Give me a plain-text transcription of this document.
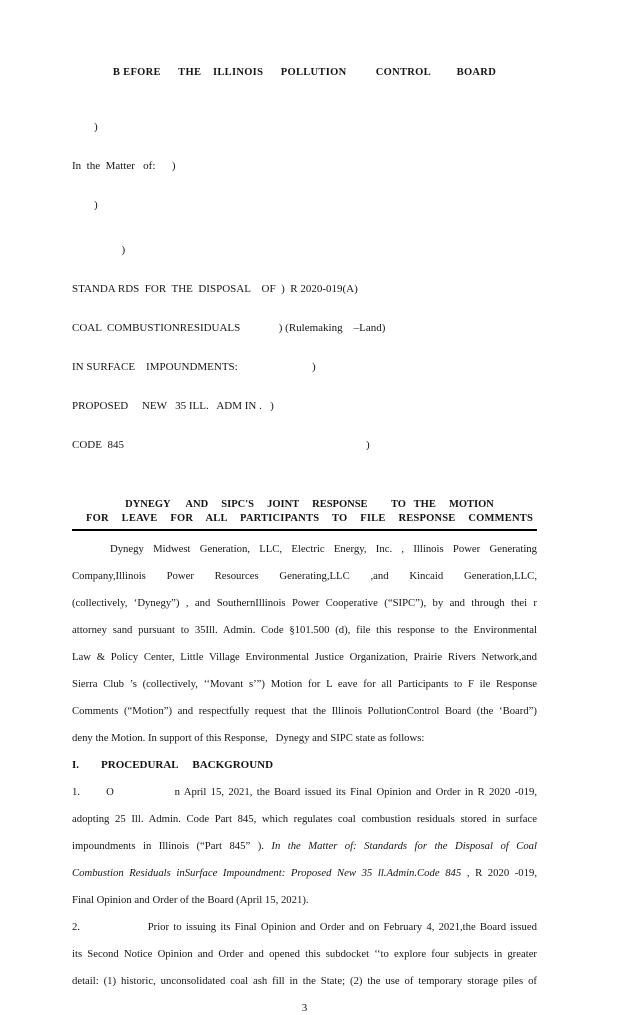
B EFORE      THE    ILLINOIS      POLLUTION          CONTROL         BOARD

)

In  the  Matter   of:      )

)

)

STANDA RDS  FOR  THE  DISPOSAL    OF  )  R 2020-019(A)

COAL  COMBUSTIONRESIDUALS              ) (Rulemaking    –Land)

IN SURFACE    IMPOUNDMENTS:                           )

PROPOSED     NEW   35 ILL.   ADM IN .   )

CODE  845                                                                                        )

DYNEGY      AND     SIPC'S     JOINT     RESPONSE         TO   THE     MOTION
FOR LEAVE FOR ALL PARTICIPANTS TO FILE RESPONSE COMMENTS
Dynegy Midwest Generation, LLC, Electric Energy, Inc. , Illinois Power Generating
Company,Illinois Power Resources Generating,LLC ,and Kincaid Generation,LLC,
(collectively, ‘Dynegy”) , and SouthernIllinois Power Cooperative (“SIPC”), by and through thei r
attorney sand pursuant to 35Ill. Admin. Code §101.500 (d), file this response to the Environmental
Law & Policy Center, Little Village Environmental Justice Organization, Prairie Rivers Network,and
Sierra Club ’s (collectively, ‘‘Movant s’”) Motion for L eave for all Participants to F ile Response
Comments (“Motion”) and respectfully request that the Illinois PollutionControl Board (the ‘Board”)
deny the Motion. In support of this Response,   Dynegy and SIPC state as follows:
I.        PROCEDURAL     BACKGROUND
1.      O              n April 15, 2021, the Board issued its Final Opinion and Order in R 2020 -019,
adopting 25 Ill. Admin. Code Part 845, which regulates coal combustion residuals stored in surface
impoundments in Illinois (“Part 845” ). In the Matter of: Standards for the Disposal of Coal
Combustion Residuals inSurface Impoundment: Proposed New 35 ll.Admin.Code 845 , R 2020 -019,
Final Opinion and Order of the Board (April 15, 2021).
2.                Prior to issuing its Final Opinion and Order and on February 4, 2021,the Board issued
its Second Notice Opinion and Order and opened this subdocket ‘‘to explore four subjects in greater
detail: (1) historic, unconsolidated coal ash fill in the State; (2) the use of temporary storage piles of
3
